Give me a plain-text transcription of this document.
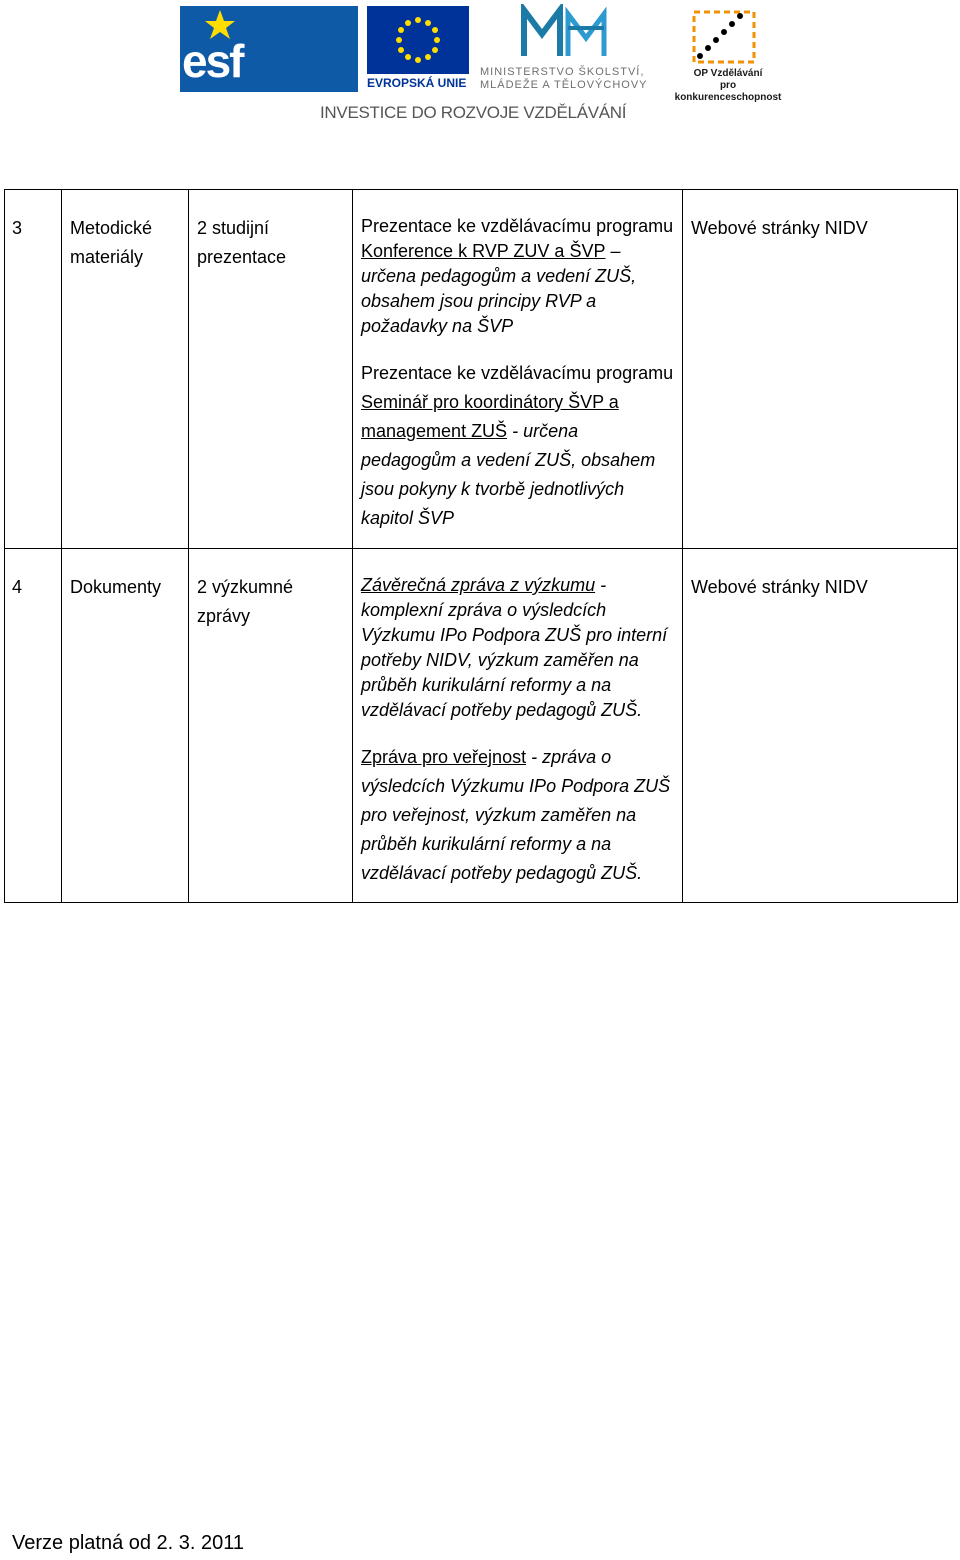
esf	evropský
sociální
fond v ČR EVROPSKÁ UNIE
MINISTERSTVO ŠKOLSTVÍ,
MLÁDEŽE A TĚLOVÝCHOVY
OP Vzdělávání
pro konkurenceschopnost
INVESTICE DO ROZVOJE VZDĚLÁVÁNÍ
3	Metodické materiály	2 studijní prezentace	Prezentace ke vzdělávacímu programu Konference k RVP ZUV a ŠVP – určena pedagogům a vedení ZUŠ, obsahem jsou principy RVP a požadavky na ŠVP

Prezentace ke vzdělávacímu programu Seminář pro koordinátory ŠVP a management ZUŠ - určena pedagogům a vedení ZUŠ, obsahem jsou pokyny k tvorbě jednotlivých kapitol ŠVP	Webové stránky NIDV
4	Dokumenty	2 výzkumné zprávy	Závěrečná zpráva z výzkumu - komplexní zpráva o výsledcích Výzkumu IPo Podpora ZUŠ pro interní potřeby NIDV, výzkum zaměřen na průběh kurikulární reformy a na vzdělávací potřeby pedagogů ZUŠ.

Zpráva pro veřejnost - zpráva o výsledcích Výzkumu IPo Podpora ZUŠ pro veřejnost, výzkum zaměřen na průběh kurikulární reformy a na vzdělávací potřeby pedagogů ZUŠ.	Webové stránky NIDV
Verze platná od 2. 3. 2011
